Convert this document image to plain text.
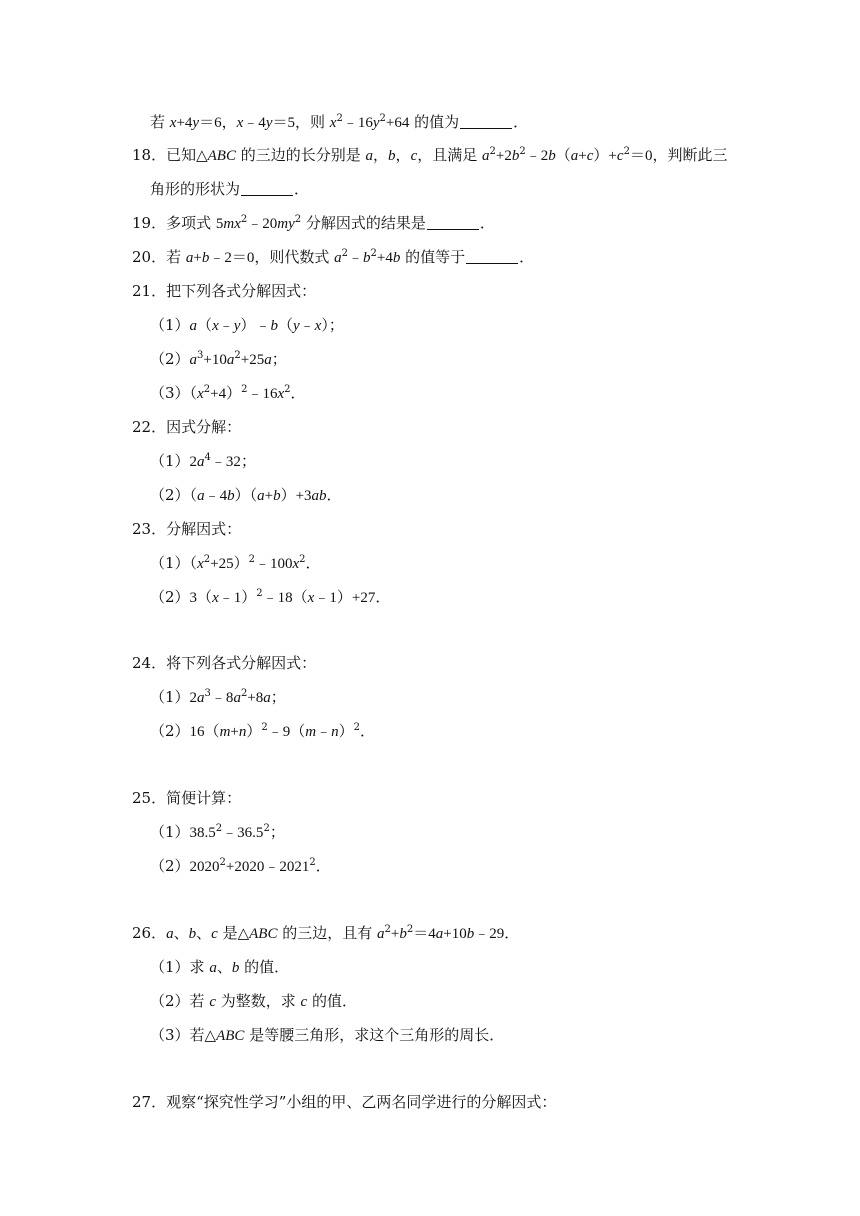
若 x+4y＝6，x﹣4y＝5，则 $x^2﹣16y^2+64$ 的值为	．
18．已知△ABC 的三边的长分别是 a，b，c，且满足 $a^2+2b^2﹣2b(a+c)+c^2=0$，判断此三
角形的形状为	．
19．多项式 $5mx^2﹣20my^2$ 分解因式的结果是	．
20．若 a+b﹣2＝0，则代数式 $a^2﹣b^2+4b$ 的值等于	．
21．把下列各式分解因式：
（1）a（x﹣y）﹣b（y﹣x）；
$(2)a^3+10a^2+25a$；
$(3)(x^2+4)^2﹣16x^2$．
22．因式分解：
$(1)2a^4﹣32$；
（2）（a﹣4b）（a+b）+3ab．
23．分解因式：
$(1)(x^2+25)^2﹣100x^2$．
（2）3（x﹣1）$^2$﹣18（x﹣1）+27．
24．将下列各式分解因式：
$(1)2a^3﹣8a^2+8a$；
$(2)16(m+n)^2﹣9(m﹣n)^2$．
25．简便计算：
（1）38.5$^2$﹣36.5$^2$；
$(2)2020^2+2020﹣2021^2$．
26．a、b、c 是△ABC 的三边，且有 $a^2+b^2=4a+10b﹣29$．
（1）求 a、b 的值．
（2）若 c 为整数，求 c 的值．
（3）若△ABC 是等腰三角形，求这个三角形的周长．
27．观察“探究性学习”小组的甲、乙两名同学进行的分解因式：
